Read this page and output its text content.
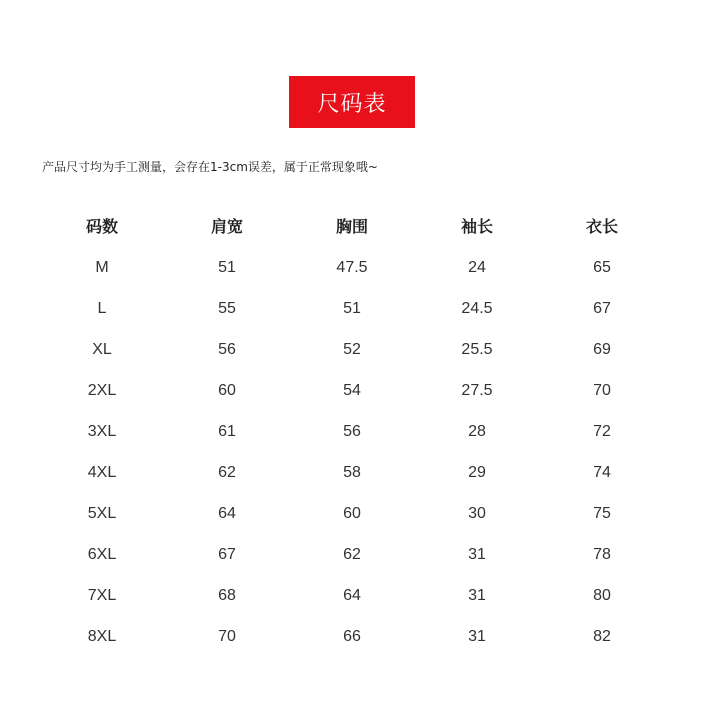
尺码表
产品尺寸均为手工测量，会存在1-3cm误差，属于正常现象哦~
码数	肩宽	胸围	袖长	衣长
M	51	47.5	24	65
L	55	51	24.5	67
XL	56	52	25.5	69
2XL	60	54	27.5	70
3XL	61	56	28	72
4XL	62	58	29	74
5XL	64	60	30	75
6XL	67	62	31	78
7XL	68	64	31	80
8XL	70	66	31	82
